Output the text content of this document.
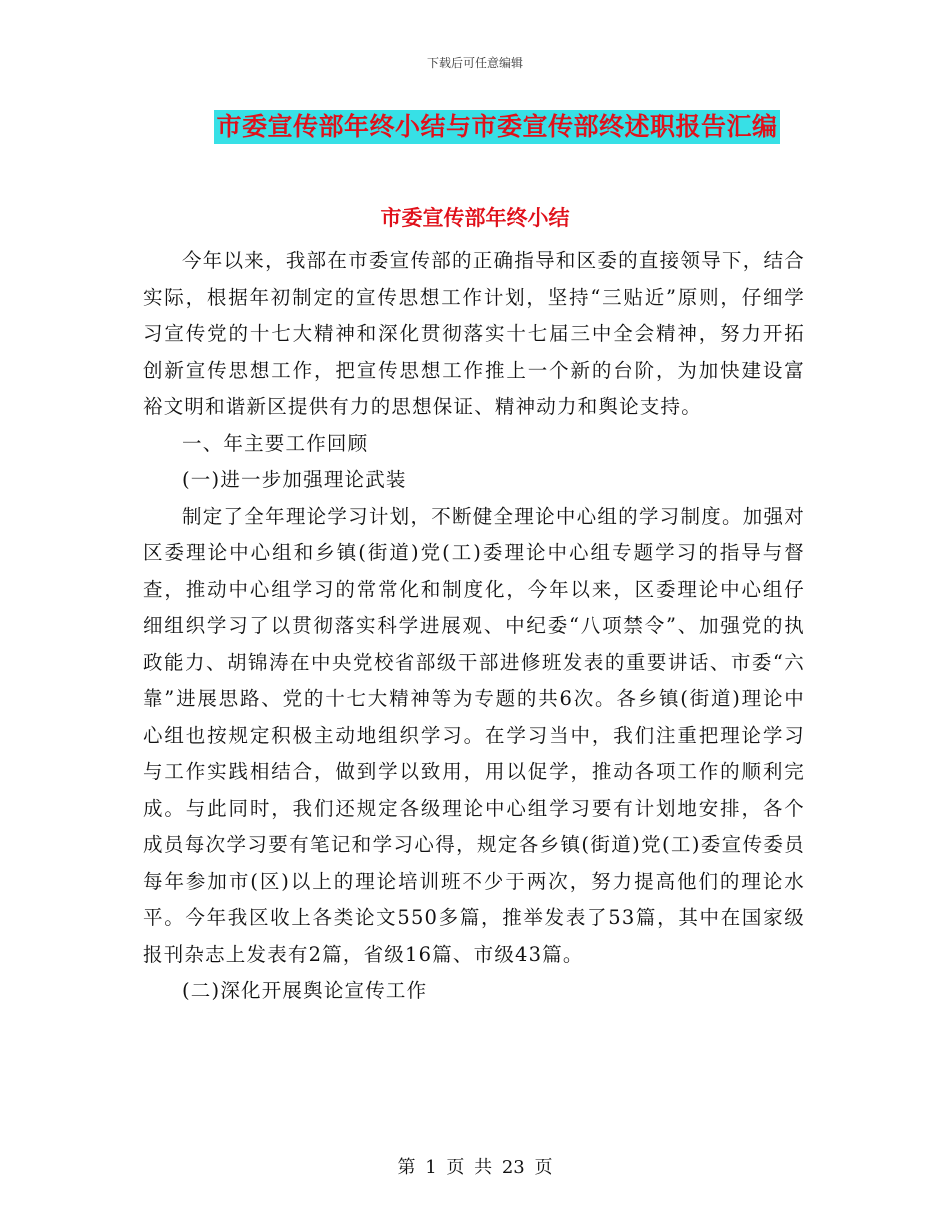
下载后可任意编辑
市委宣传部年终小结与市委宣传部终述职报告汇编
市委宣传部年终小结

今年以来，我部在市委宣传部的正确指导和区委的直接领导下，结合实际，根据年初制定的宣传思想工作计划，坚持“三贴近”原则，仔细学习宣传党的十七大精神和深化贯彻落实十七届三中全会精神，努力开拓创新宣传思想工作，把宣传思想工作推上一个新的台阶，为加快建设富裕文明和谐新区提供有力的思想保证、精神动力和舆论支持。

一、年主要工作回顾

(一)进一步加强理论武装

制定了全年理论学习计划，不断健全理论中心组的学习制度。加强对区委理论中心组和乡镇(街道)党(工)委理论中心组专题学习的指导与督查，推动中心组学习的常常化和制度化，今年以来，区委理论中心组仔细组织学习了以贯彻落实科学进展观、中纪委“八项禁令”、加强党的执政能力、胡锦涛在中央党校省部级干部进修班发表的重要讲话、市委“六靠”进展思路、党的十七大精神等为专题的共6次。各乡镇(街道)理论中心组也按规定积极主动地组织学习。在学习当中，我们注重把理论学习与工作实践相结合，做到学以致用，用以促学，推动各项工作的顺利完成。与此同时，我们还规定各级理论中心组学习要有计划地安排，各个成员每次学习要有笔记和学习心得，规定各乡镇(街道)党(工)委宣传委员每年参加市(区)以上的理论培训班不少于两次，努力提高他们的理论水平。今年我区收上各类论文550多篇，推举发表了53篇，其中在国家级报刊杂志上发表有2篇，省级16篇、市级43篇。

(二)深化开展舆论宣传工作

第 1 页 共 23 页
